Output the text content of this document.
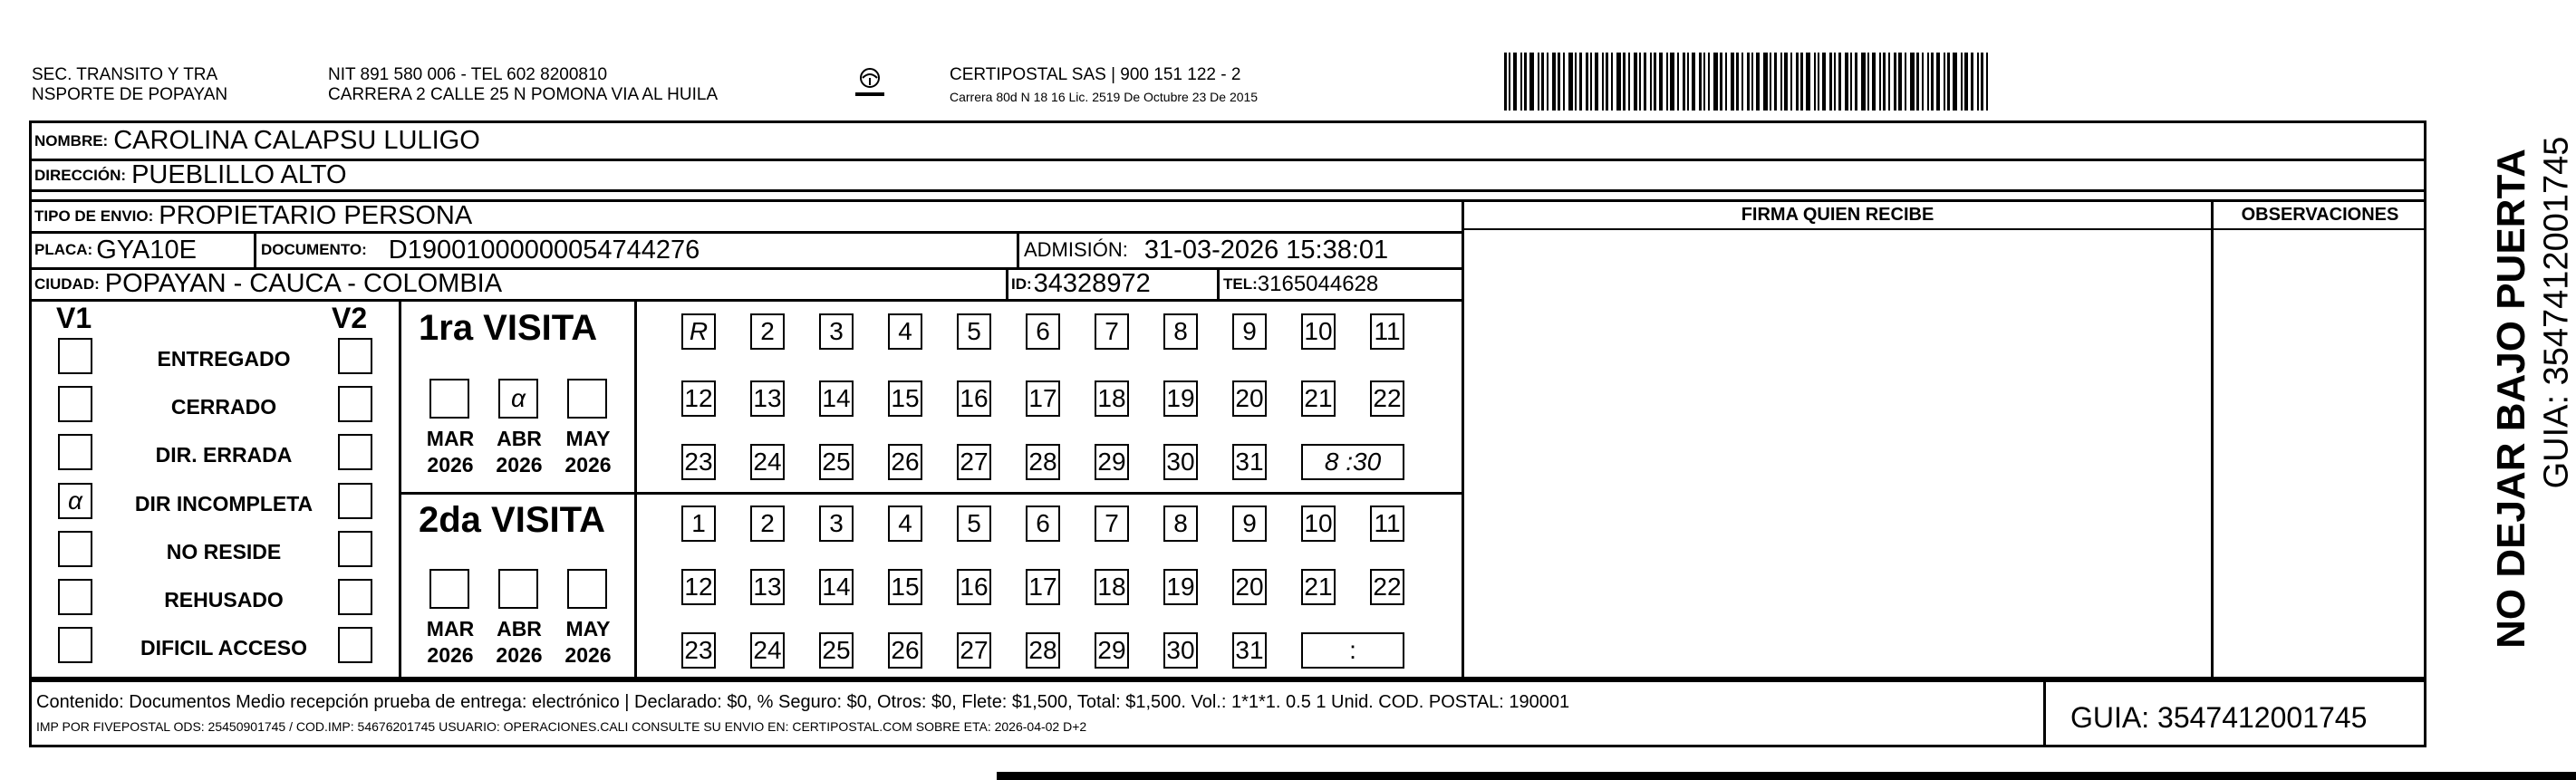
SEC. TRANSITO Y TRA
NSPORTE DE POPAYAN
NIT 891 580 006 - TEL 602 8200810
CARRERA 2 CALLE 25 N POMONA VIA AL HUILA
CERTIPOSTAL SAS | 900 151 122 - 2
Carrera 80d N 18 16 Lic. 2519 De Octubre 23 De 2015
NOMBRE: CAROLINA CALAPSU LULIGO
DIRECCIÓN: PUEBLILLO ALTO
TIPO DE ENVIO: PROPIETARIO PERSONA	FIRMA QUIEN RECIBE	OBSERVACIONES
PLACA: GYA10E	DOCUMENTO: D19001000000054744276	ADMISIÓN: 31-03-2026 15:38:01
CIUDAD: POPAYAN - CAUCA - COLOMBIA	ID: 34328972	TEL: 3165044628
V1	V2
ENTREGADO
CERRADO
DIR. ERRADA
α	DIR INCOMPLETA
NO RESIDE
REHUSADO
DIFICIL ACCESO
1ra VISITA
MAR
2026
α
ABR
2026
MAY
2026
R	2	3	4	5	6	7	8	9	10 11
12 13 14 15 16 17 18 19 20 21 22
23 24 25 26 27 28 29 30 31	8 :30
2da VISITA
MAR
2026
ABR
2026
MAY
2026
1	2	3	4	5	6	7	8	9	10 11
12 13 14 15 16 17 18 19 20 21 22
23 24 25 26 27 28 29 30 31	:
Contenido: Documentos Medio recepción prueba de entrega: electrónico | Declarado: $0, % Seguro: $0, Otros: $0, Flete: $1,500, Total: $1,500. Vol.: 1*1*1. 0.5 1 Unid. COD. POSTAL: 190001
IMP POR FIVEPOSTAL ODS: 25450901745 / COD.IMP: 54676201745 USUARIO: OPERACIONES.CALI CONSULTE SU ENVIO EN: CERTIPOSTAL.COM SOBRE ETA: 2026-04-02 D+2	GUIA: 3547412001745
NO DEJAR BAJO PUERTA GUIA: 3547412001745
